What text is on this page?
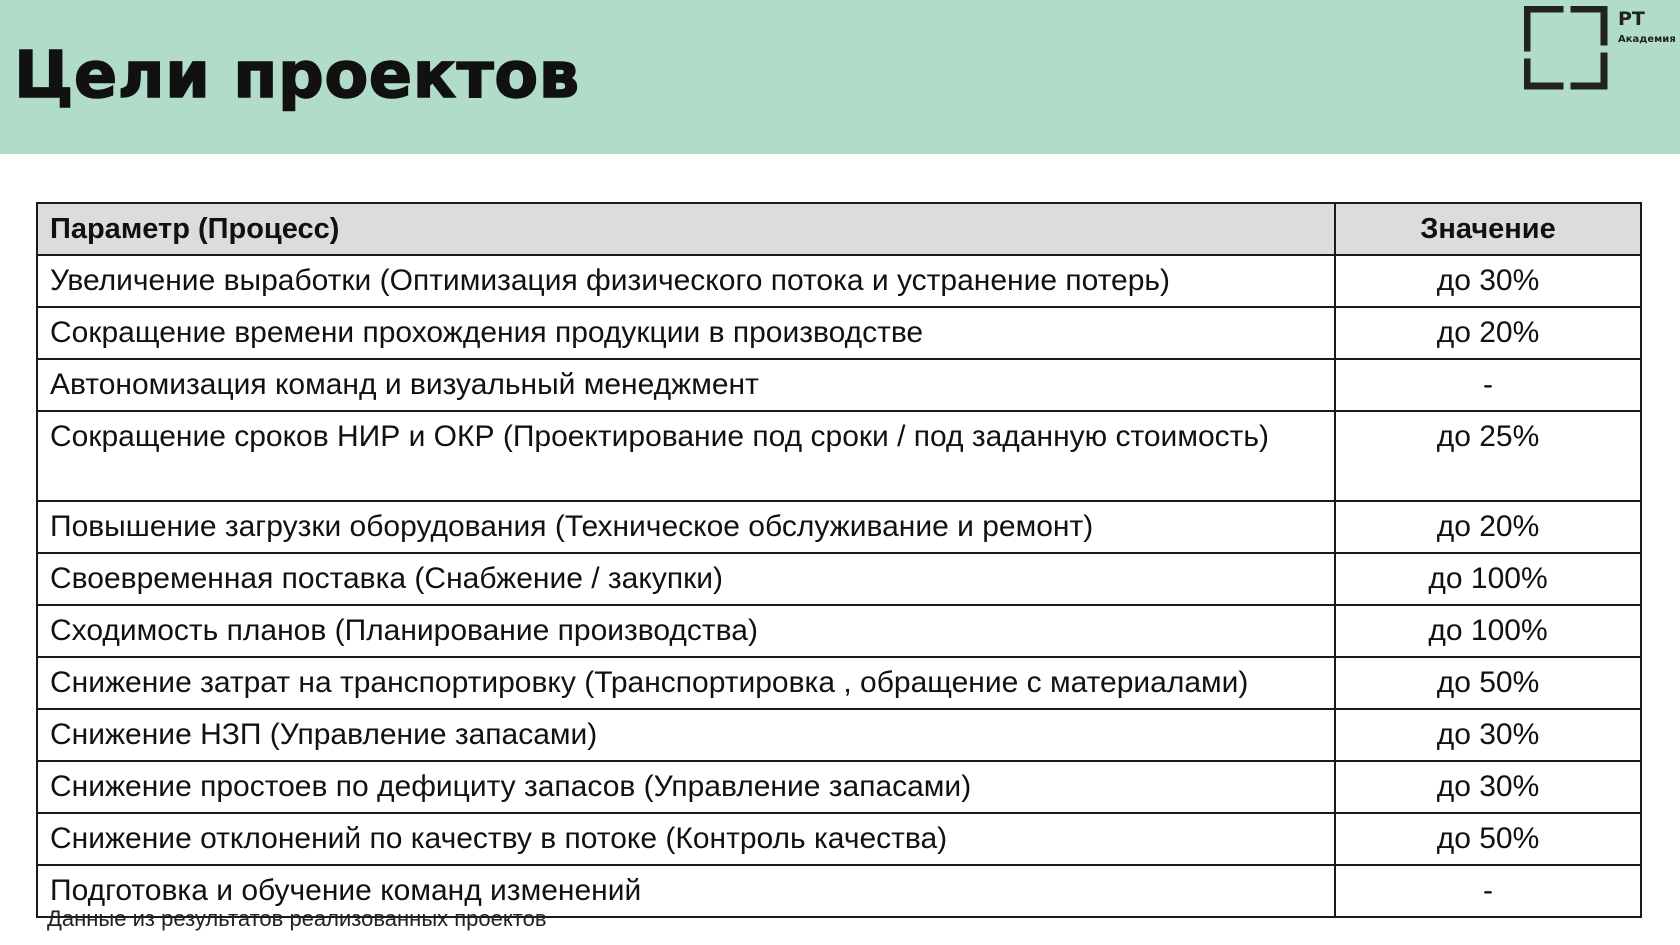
Цели проектов
РТ
Академия
Параметр (Процесс)	Значение
Увеличение выработки (Оптимизация физического потока и устранение потерь)	до 30%
Сокращение времени прохождения продукции в производстве	до 20%
Автономизация команд и визуальный менеджмент	-
Сокращение сроков НИР и ОКР (Проектирование под сроки / под заданную стоимость)	до 25%
Повышение загрузки оборудования (Техническое обслуживание и ремонт)	до 20%
Своевременная поставка (Снабжение / закупки)	до 100%
Сходимость планов (Планирование производства)	до 100%
Снижение затрат на транспортировку (Транспортировка , обращение с материалами)	до 50%
Снижение НЗП (Управление запасами)	до 30%
Снижение простоев по дефициту запасов (Управление запасами)	до 30%
Снижение отклонений по качеству в потоке (Контроль качества)	до 50%
Подготовка и обучение команд изменений	-
Данные из результатов реализованных проектов
